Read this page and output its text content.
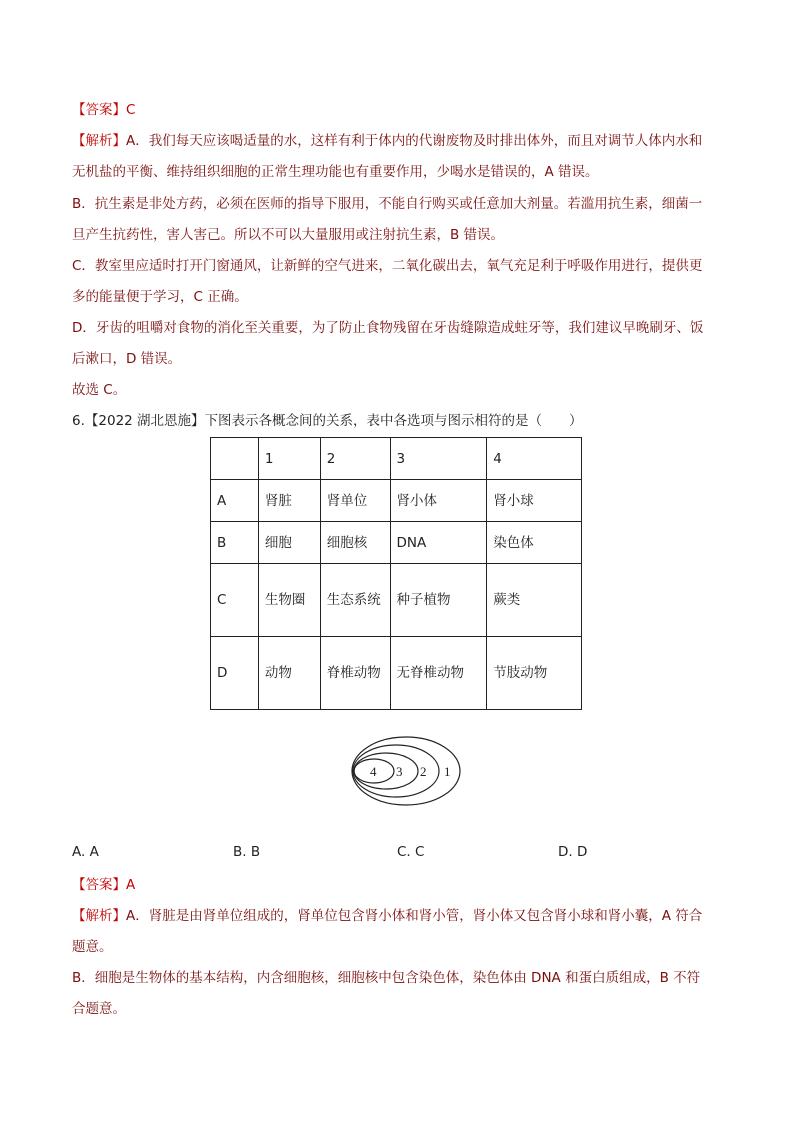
【答案】C
【解析】A．我们每天应该喝适量的水，这样有利于体内的代谢废物及时排出体外，而且对调节人体内水和
无机盐的平衡、维持组织细胞的正常生理功能也有重要作用，少喝水是错误的，A 错误。
B．抗生素是非处方药，必须在医师的指导下服用，不能自行购买或任意加大剂量。若滥用抗生素，细菌一
旦产生抗药性，害人害己。所以不可以大量服用或注射抗生素，B 错误。
C．教室里应适时打开门窗通风，让新鲜的空气进来，二氧化碳出去，氧气充足利于呼吸作用进行，提供更
多的能量便于学习，C 正确。
D．牙齿的咀嚼对食物的消化至关重要，为了防止食物残留在牙齿缝隙造成蛀牙等，我们建议早晚刷牙、饭
后漱口，D 错误。
故选 C。
6.【2022 湖北恩施】下图表示各概念间的关系，表中各选项与图示相符的是（　　）
	1	2	3	4
A	肾脏	肾单位	肾小体	肾小球
B	细胞	细胞核	DNA	染色体
C	生物圈	生态系统	种子植物	蕨类
D	动物	脊椎动物	无脊椎动物	节肢动物
4 3 2 1
A. A	B. B	C. C	D. D
【答案】A
【解析】A．肾脏是由肾单位组成的，肾单位包含肾小体和肾小管，肾小体又包含肾小球和肾小囊，A 符合
题意。
B．细胞是生物体的基本结构，内含细胞核，细胞核中包含染色体，染色体由 DNA 和蛋白质组成，B 不符
合题意。
